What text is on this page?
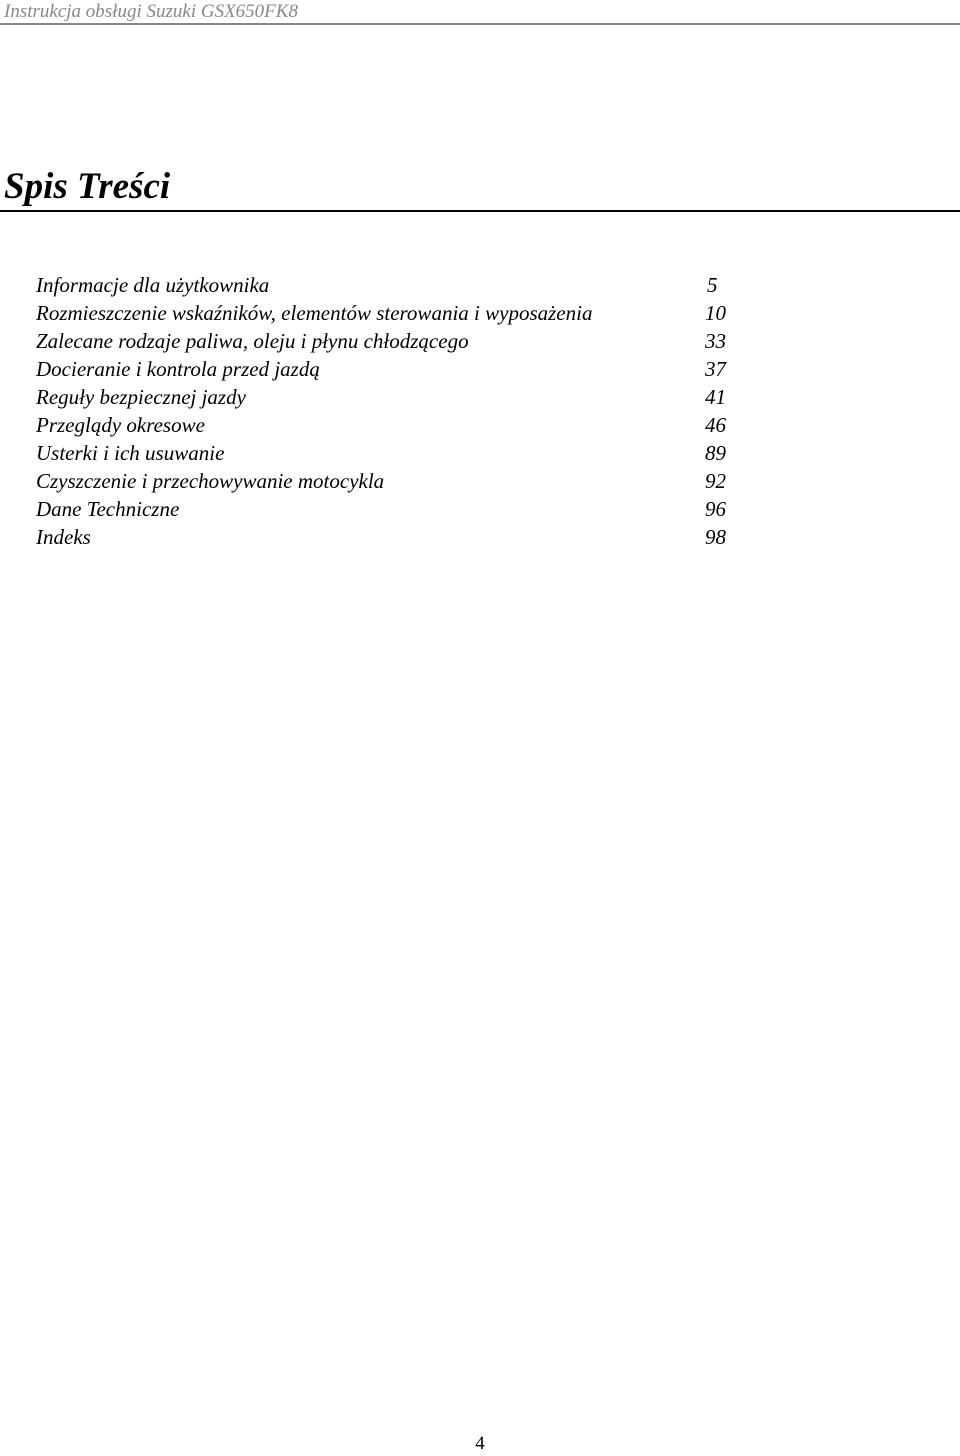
Instrukcja obsługi Suzuki GSX650FK8
Spis Treści
Informacje dla użytkownika	5
Rozmieszczenie wskaźników, elementów sterowania i wyposażenia	10
Zalecane rodzaje paliwa, oleju i płynu chłodzącego	33
Docieranie i kontrola przed jazdą	37
Reguły bezpiecznej jazdy	41
Przeglądy okresowe	46
Usterki i ich usuwanie	89
Czyszczenie i przechowywanie motocykla	92
Dane Techniczne	96
Indeks	98
4
